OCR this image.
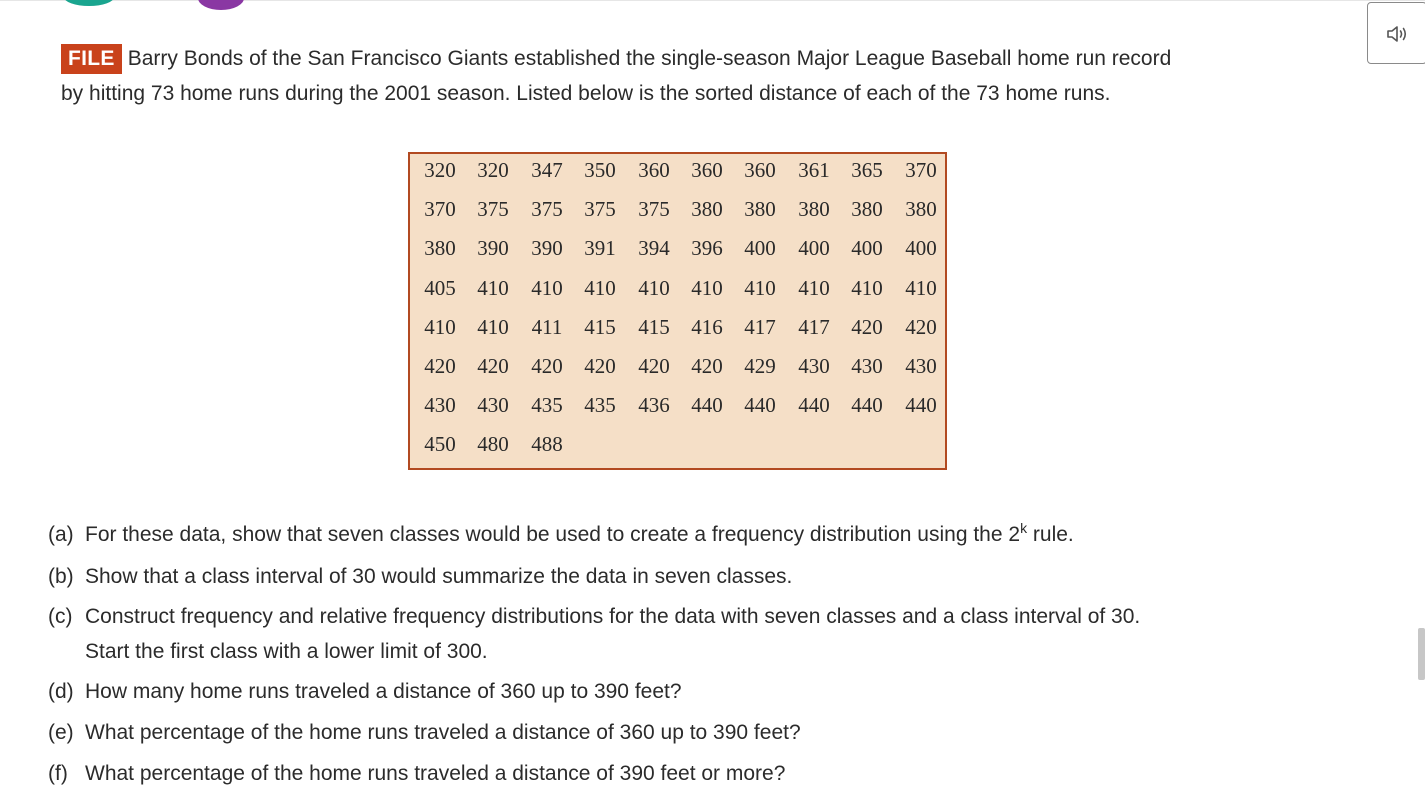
FILE Barry Bonds of the San Francisco Giants established the single-season Major League Baseball home run record
by hitting 73 home runs during the 2001 season. Listed below is the sorted distance of each of the 73 home runs.
320 320 347 350 360 360 360 361 365 370
370 375 375 375 375 380 380 380 380 380
380 390 390 391 394 396 400 400 400 400
405 410 410 410 410 410 410 410 410 410
410 410 411 415 415 416 417 417 420 420
420 420 420 420 420 420 429 430 430 430
430 430 435 435 436 440 440 440 440 440
450 480 488
(a) For these data, show that seven classes would be used to create a frequency distribution using the 2$^k$ rule.
(b) Show that a class interval of 30 would summarize the data in seven classes.
(c) Construct frequency and relative frequency distributions for the data with seven classes and a class interval of 30.
Start the first class with a lower limit of 300.
(d) How many home runs traveled a distance of 360 up to 390 feet?
(e) What percentage of the home runs traveled a distance of 360 up to 390 feet?
(f) What percentage of the home runs traveled a distance of 390 feet or more?
